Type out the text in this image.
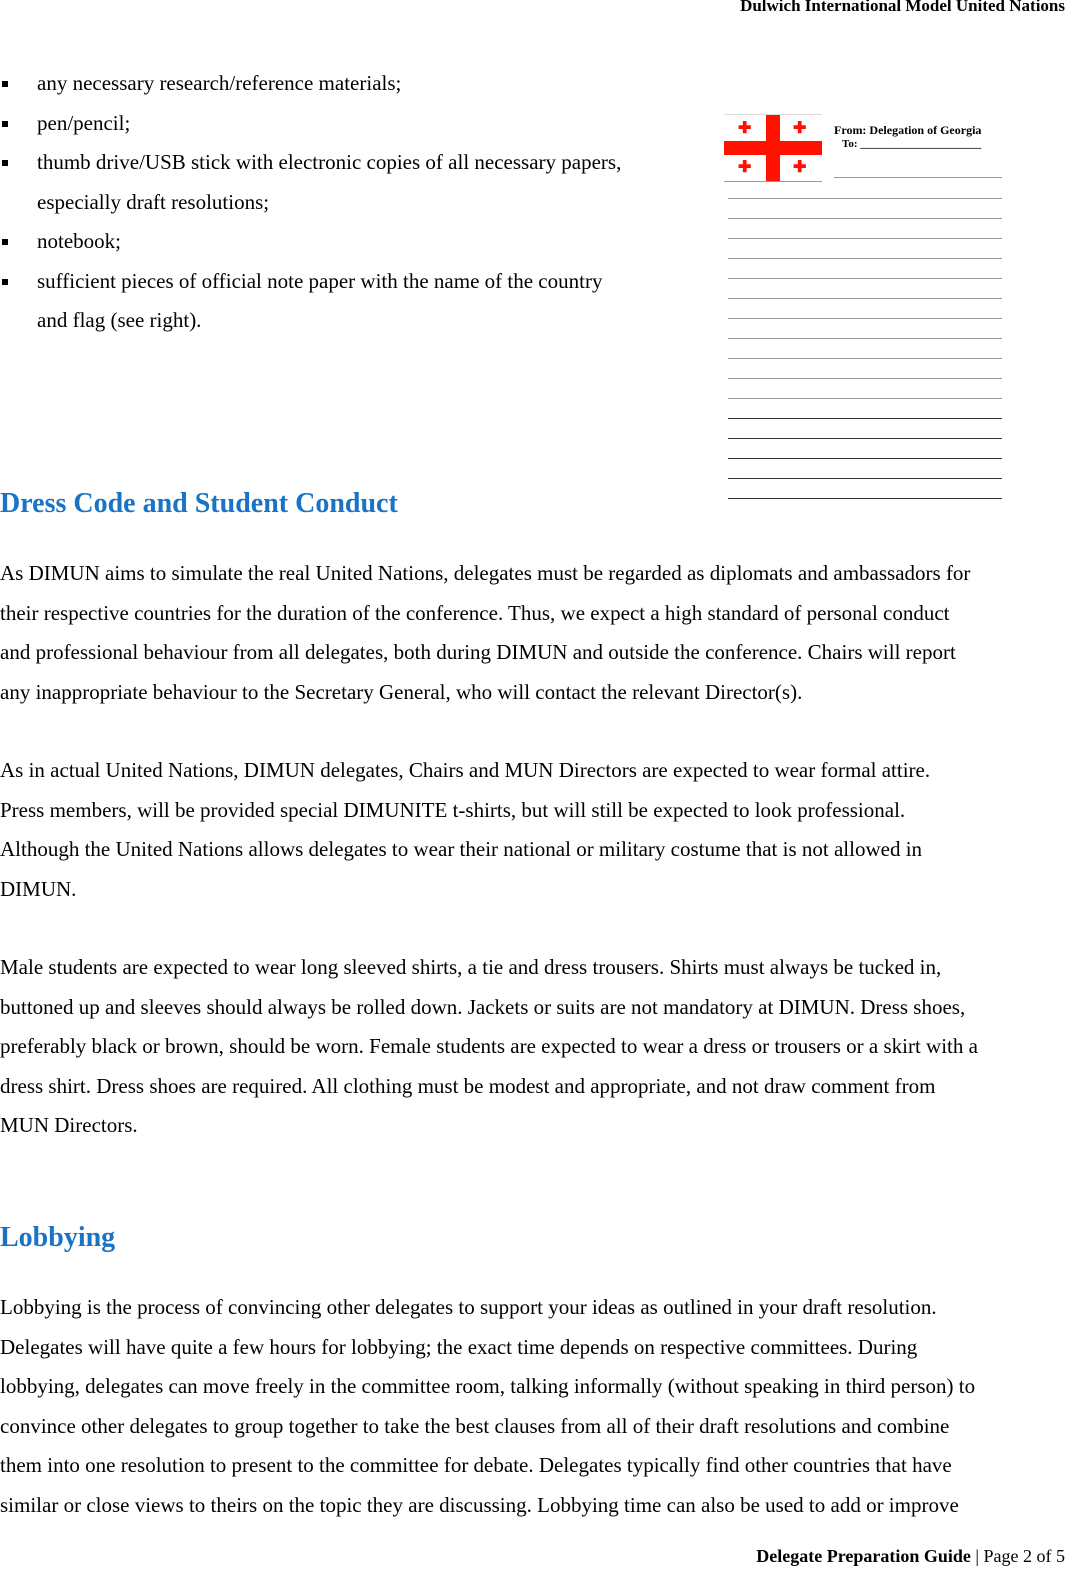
Dulwich International Model United Nations
any necessary research/reference materials;
pen/pencil;
thumb drive/USB stick with electronic copies of all necessary papers,
especially draft resolutions;
notebook;
sufficient pieces of official note paper with the name of the country
and flag (see right).
✚	✚
✚	✚
From: Delegation of Georgia
To: ______________________
Dress Code and Student Conduct
As DIMUN aims to simulate the real United Nations, delegates must be regarded as diplomats and ambassadors for
their respective countries for the duration of the conference. Thus, we expect a high standard of personal conduct
and professional behaviour from all delegates, both during DIMUN and outside the conference. Chairs will report
any inappropriate behaviour to the Secretary General, who will contact the relevant Director(s).
As in actual United Nations, DIMUN delegates, Chairs and MUN Directors are expected to wear formal attire.
Press members, will be provided special DIMUNITE t-shirts, but will still be expected to look professional.
Although the United Nations allows delegates to wear their national or military costume that is not allowed in
DIMUN.
Male students are expected to wear long sleeved shirts, a tie and dress trousers. Shirts must always be tucked in,
buttoned up and sleeves should always be rolled down. Jackets or suits are not mandatory at DIMUN. Dress shoes,
preferably black or brown, should be worn. Female students are expected to wear a dress or trousers or a skirt with a
dress shirt. Dress shoes are required. All clothing must be modest and appropriate, and not draw comment from
MUN Directors.
Lobbying
Lobbying is the process of convincing other delegates to support your ideas as outlined in your draft resolution.
Delegates will have quite a few hours for lobbying; the exact time depends on respective committees. During
lobbying, delegates can move freely in the committee room, talking informally (without speaking in third person) to
convince other delegates to group together to take the best clauses from all of their draft resolutions and combine
them into one resolution to present to the committee for debate. Delegates typically find other countries that have
similar or close views to theirs on the topic they are discussing. Lobbying time can also be used to add or improve
Delegate Preparation Guide | Page 2 of 5
